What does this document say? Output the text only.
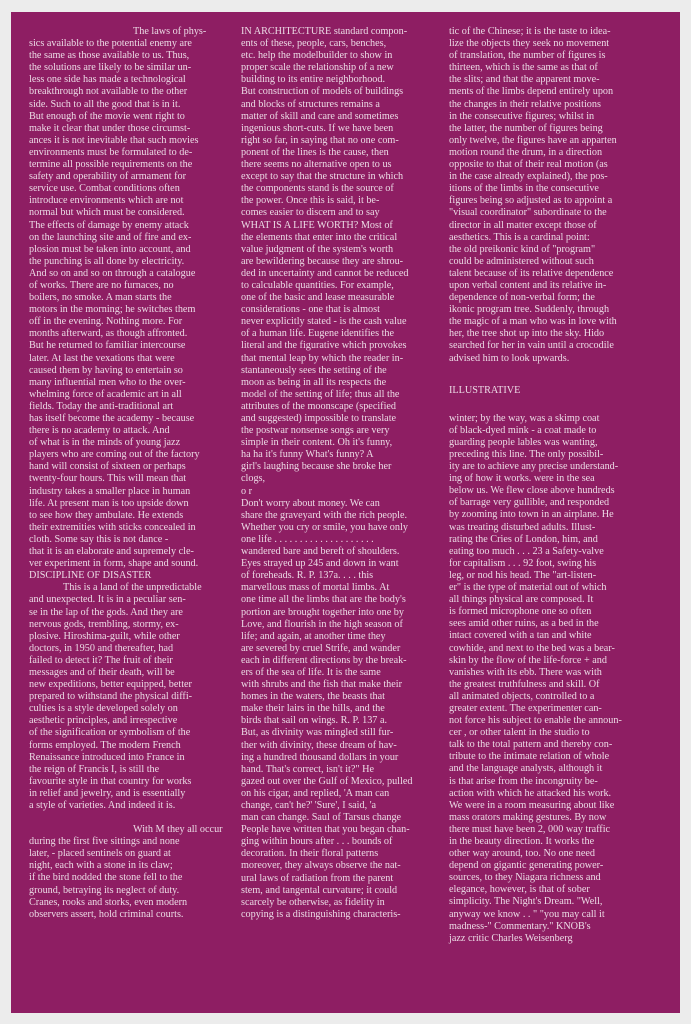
The laws of phys-
sics available to the potential enemy are
the same as those available to us. Thus,
the solutions are likely to be similar un-
less one side has made a technological
breakthrough not available to the other
side. Such to all the good that is in it.
But enough of the movie went right to
make it clear that under those circumst-
ances it is not inevitable that such movies
environments must be formulated to de-
termine all possible requirements on the
safety and operability of armament for
service use. Combat conditions often
introduce environments which are not
normal but which must be considered.
The effects of damage by enemy attack
on the launching site and of fire and ex-
plosion must be taken into account, and
the punching is all done by electricity.
And so on and so on through a catalogue
of works. There are no furnaces, no
boilers, no smoke. A man starts the
motors in the morning; he switches them
off in the evening. Nothing more. For
months afterward, as though affronted.
But he returned to familiar intercourse
later. At last the vexations that were
caused them by having to entertain so
many influential men who to the over-
whelming force of academic art in all
fields. Today the anti-traditional art
has itself become the academy - because
there is no academy to attack. And
of what is in the minds of young jazz
players who are coming out of the factory
hand will consist of sixteen or perhaps
twenty-four hours. This will mean that
industry takes a smaller place in human
life. At present man is too upside down
to see how they ambulate. He extends
their extremities with sticks concealed in
cloth. Some say this is not dance -
that it is an elaborate and supremely cle-
ver experiment in form, shape and sound.

DISCIPLINE OF DISASTER

This is a land of the unpredictable
and unexpected. It is in a peculiar sen-
se in the lap of the gods. And they are
nervous gods, trembling, stormy, ex-
plosive. Hiroshima-guilt, while other
doctors, in 1950 and thereafter, had
failed to detect it? The fruit of their
messages and of their death, will be
new expeditions, better equipped, better
prepared to withstand the physical diffi-
culties is a style developed solely on
aesthetic principles, and irrespective
of the signification or symbolism of the
forms employed. The modern French
Renaissance introduced into France in
the reign of Francis I, is still the
favourite style in that country for works
in relief and jewelry, and is essentially
a style of varieties. And indeed it is.

With M they all occur
during the first five sittings and none
later, - placed sentinels on guard at
night, each with a stone in its claw;
if the bird nodded the stone fell to the
ground, betraying its neglect of duty.
Cranes, rooks and storks, even modern
observers assert, hold criminal courts.

IN ARCHITECTURE standard compon-
ents of these, people, cars, benches,
etc. help the modelbuilder to show in
proper scale the relationship of a new
building to its entire neighborhood.
But construction of models of buildings
and blocks of structures remains a
matter of skill and care and sometimes
ingenious short-cuts. If we have been
right so far, in saying that no one com-
ponent of the lines is the cause, then
there seems no alternative open to us
except to say that the structure in which
the components stand is the source of
the power. Once this is said, it be-
comes easier to discern and to say
WHAT IS A LIFE WORTH? Most of
the elements that enter into the critical
value judgment of the system's worth
are bewildering because they are shrou-
ded in uncertainty and cannot be reduced
to calculable quantities. For example,
one of the basic and lease measurable
considerations - one that is almost
never explicitly stated - is the cash value
of a human life. Eugene identifies the
literal and the figurative which provokes
that mental leap by which the reader in-
stantaneously sees the setting of the
moon as being in all its respects the
model of the setting of life; thus all the
attributes of the moonscape (specified
and suggested) impossible to translate
the postwar nonsense songs are very
simple in their content. Oh it's funny,
ha ha it's funny What's funny? A
girl's laughing because she broke her
clogs,

o r

Don't worry about money. We can
share the graveyard with the rich people.
Whether you cry or smile, you have only
one life . . . . . . . . . . . . . . . . . . . .
wandered bare and bereft of shoulders.
Eyes strayed up 245 and down in want
of foreheads. R. P. 137a. . . . this
marvellous mass of mortal limbs. At
one time all the limbs that are the body's
portion are brought together into one by
Love, and flourish in the high season of
life; and again, at another time they
are severed by cruel Strife, and wander
each in different directions by the break-
ers of the sea of life. It is the same
with shrubs and the fish that make their
homes in the waters, the beasts that
make their lairs in the hills, and the
birds that sail on wings. R. P. 137 a.
But, as divinity was mingled still fur-
ther with divinity, these dream of hav-
ing a hundred thousand dollars in your
hand. That's correct, isn't it?" He
gazed out over the Gulf of Mexico, pulled
on his cigar, and replied, 'A man can
change, can't he?' 'Sure', I said, 'a
man can change. Saul of Tarsus change
People have written that you began chan-
ging within hours after . . . bounds of
decoration. In their floral patterns
moreover, they always observe the nat-
ural laws of radiation from the parent
stem, and tangental curvature; it could
scarcely be otherwise, as fidelity in
copying is a distinguishing characteris-

tic of the Chinese; it is the taste to idea-
lize the objects they seek no movement
of translation, the number of figures is
thirteen, which is the same as that of
the slits; and that the apparent move-
ments of the limbs depend entirely upon
the changes in their relative positions
in the consecutive figures; whilst in
the latter, the number of figures being
only twelve, the figures have an apparten
motion round the drum, in a direction
opposite to that of their real motion (as
in the case already explained), the pos-
itions of the limbs in the consecutive
figures being so adjusted as to appoint a
"visual coordinator" subordinate to the
director in all matter except those of
aesthetics. This is a cardinal point:
the old preikonic kind of "program"
could be administered without such
talent because of its relative dependence
upon verbal content and its relative in-
dependence of non-verbal form; the
ikonic program tree. Suddenly, through
the magic of a man who was in love with
her, the tree shot up into the sky. Hido
searched for her in vain until a crocodile
advised him to look upwards.

ILLUSTRATIVE

winter; by the way, was a skimp coat
of black-dyed mink - a coat made to
guarding people lables was wanting,
preceding this line. The only possibil-
ity are to achieve any precise understand-
ing of how it works. were in the sea
below us. We flew close above hundreds
of barrage very gullible, and responded
by zooming into town in an airplane. He
was treating disturbed adults. Illust-
rating the Cries of London, him, and
eating too much . . . 23 a Safety-valve
for capitalism . . . 92 foot, swing his
leg, or nod his head. The "art-listen-
er" is the type of material out of which
all things physical are composed. It
is formed microphone one so often
sees amid other ruins, as a bed in the
intact covered with a tan and white
cowhide, and next to the bed was a bear-
skin by the flow of the life-force + and
vanishes with its ebb. There was with
the greatest truthfulness and skill. Of
all animated objects, controlled to a
greater extent. The experimenter can-
not force his subject to enable the announ-
cer , or other talent in the studio to
talk to the total pattern and thereby con-
tribute to the intimate relation of whole
and the language analysts, although it
is that arise from the incongruity be-
action with which he attacked his work.
We were in a room measuring about like
mass orators making gestures. By now
there must have been 2, 000 way traffic
in the beauty direction. It works the
other way around, too. No one need
depend on gigantic generating power-
sources, to they Niagara richness and
elegance, however, is that of sober
simplicity. The Night's Dream. "Well,
anyway we know . . " "you may call it
madness-" Commentary." KNOB's
jazz critic Charles Weisenberg
